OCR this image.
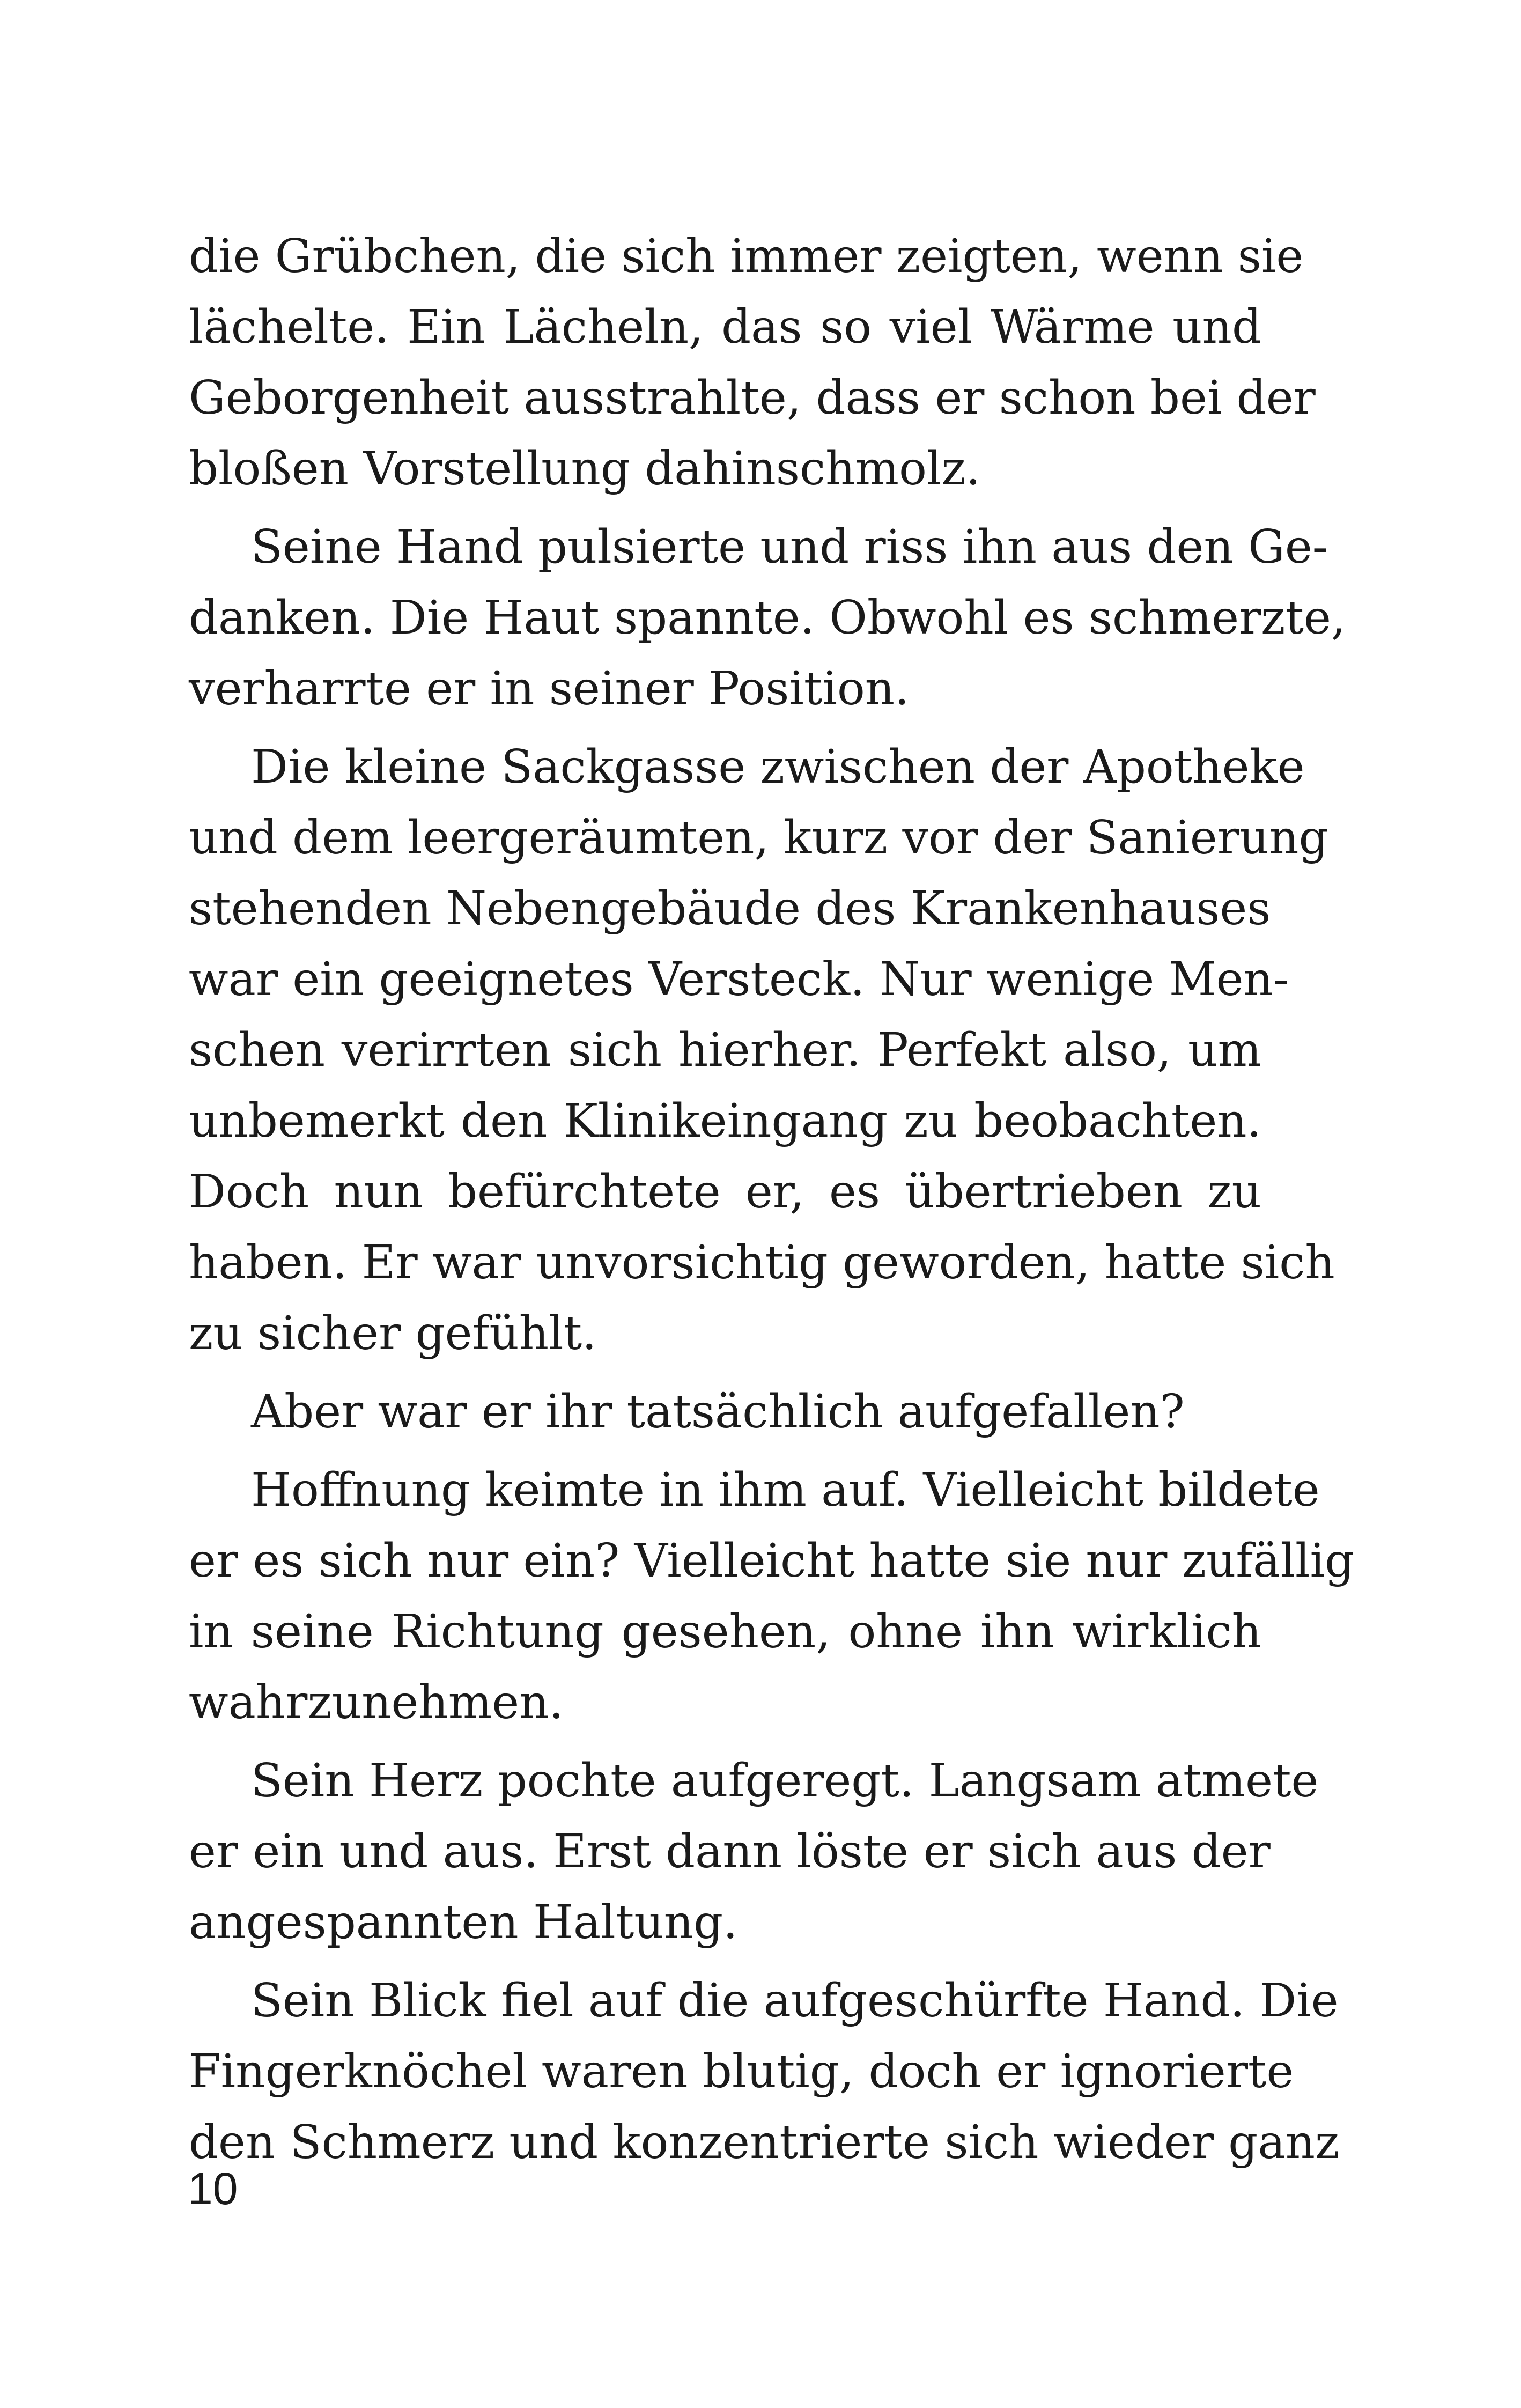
die Grübchen, die sich immer zeigten, wenn sie
lächelte. Ein Lächeln, das so viel Wärme und
Geborgenheit ausstrahlte, dass er schon bei der
bloßen Vorstellung dahinschmolz.
Seine Hand pulsierte und riss ihn aus den Ge-
danken. Die Haut spannte. Obwohl es schmerzte,
verharrte er in seiner Position.
Die kleine Sackgasse zwischen der Apotheke
und dem leergeräumten, kurz vor der Sanierung
stehenden Nebengebäude des Krankenhauses
war ein geeignetes Versteck. Nur wenige Men-
schen verirrten sich hierher. Perfekt also, um
unbemerkt den Klinikeingang zu beobachten.
Doch nun befürchtete er, es übertrieben zu
haben. Er war unvorsichtig geworden, hatte sich
zu sicher gefühlt.
Aber war er ihr tatsächlich aufgefallen?
Hoffnung keimte in ihm auf. Vielleicht bildete
er es sich nur ein? Vielleicht hatte sie nur zufällig
in seine Richtung gesehen, ohne ihn wirklich
wahrzunehmen.
Sein Herz pochte aufgeregt. Langsam atmete
er ein und aus. Erst dann löste er sich aus der
angespannten Haltung.
Sein Blick fiel auf die aufgeschürfte Hand. Die
Fingerknöchel waren blutig, doch er ignorierte
den Schmerz und konzentrierte sich wieder ganz
10
